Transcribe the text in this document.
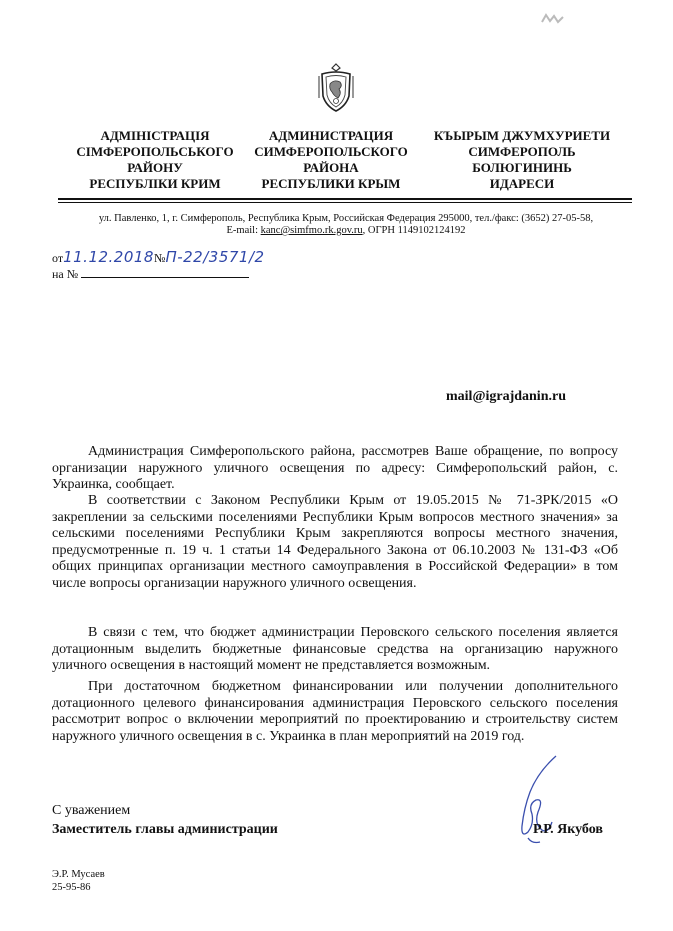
АДМІНІСТРАЦІЯ
СІМФЕРОПОЛЬСЬКОГО
РАЙОНУ
РЕСПУБЛІКИ КРИМ
АДМИНИСТРАЦИЯ
СИМФЕРОПОЛЬСКОГО
РАЙОНА
РЕСПУБЛИКИ КРЫМ
КЪЫРЫМ ДЖУМХУРИЕТИ
СИМФЕРОПОЛЬ
БОЛЮГИНИНЬ
ИДАРЕСИ
ул. Павленко, 1, г. Симферополь, Республика Крым, Российская Федерация 295000, тел./факс: (3652) 27-05-58,
E-mail: kanc@simfmo.rk.gov.ru, ОГРН 1149102124192
от11.12.2018№П-22/3571/2
на №
mail@igrajdanin.ru

Администрация Симферопольского района, рассмотрев Ваше обращение, по вопросу организации наружного уличного освещения по адресу: Симферопольский район, с. Украинка, сообщает.

В соответствии с Законом Республики Крым от 19.05.2015 № 71-ЗРК/2015 «О закреплении за сельскими поселениями Республики Крым вопросов местного значения» за сельскими поселениями Республики Крым закрепляются вопросы местного значения, предусмотренные п. 19 ч. 1 статьи 14 Федерального Закона от 06.10.2003 № 131-ФЗ «Об общих принципах организации местного самоуправления в Российской Федерации» в том числе вопросы организации наружного уличного освещения.

В связи с тем, что бюджет администрации Перовского сельского поселения является дотационным выделить бюджетные финансовые средства на организацию наружного уличного освещения в настоящий момент не представляется возможным.

При достаточном бюджетном финансировании или получении дополнительного дотационного целевого финансирования администрация Перовского сельского поселения рассмотрит вопрос о включении мероприятий по проектированию и строительству систем наружного уличного освещения в с. Украинка в план мероприятий на 2019 год.

С уважением
Заместитель главы администрации	Р.Р. Якубов
Э.Р. Мусаев
25-95-86
